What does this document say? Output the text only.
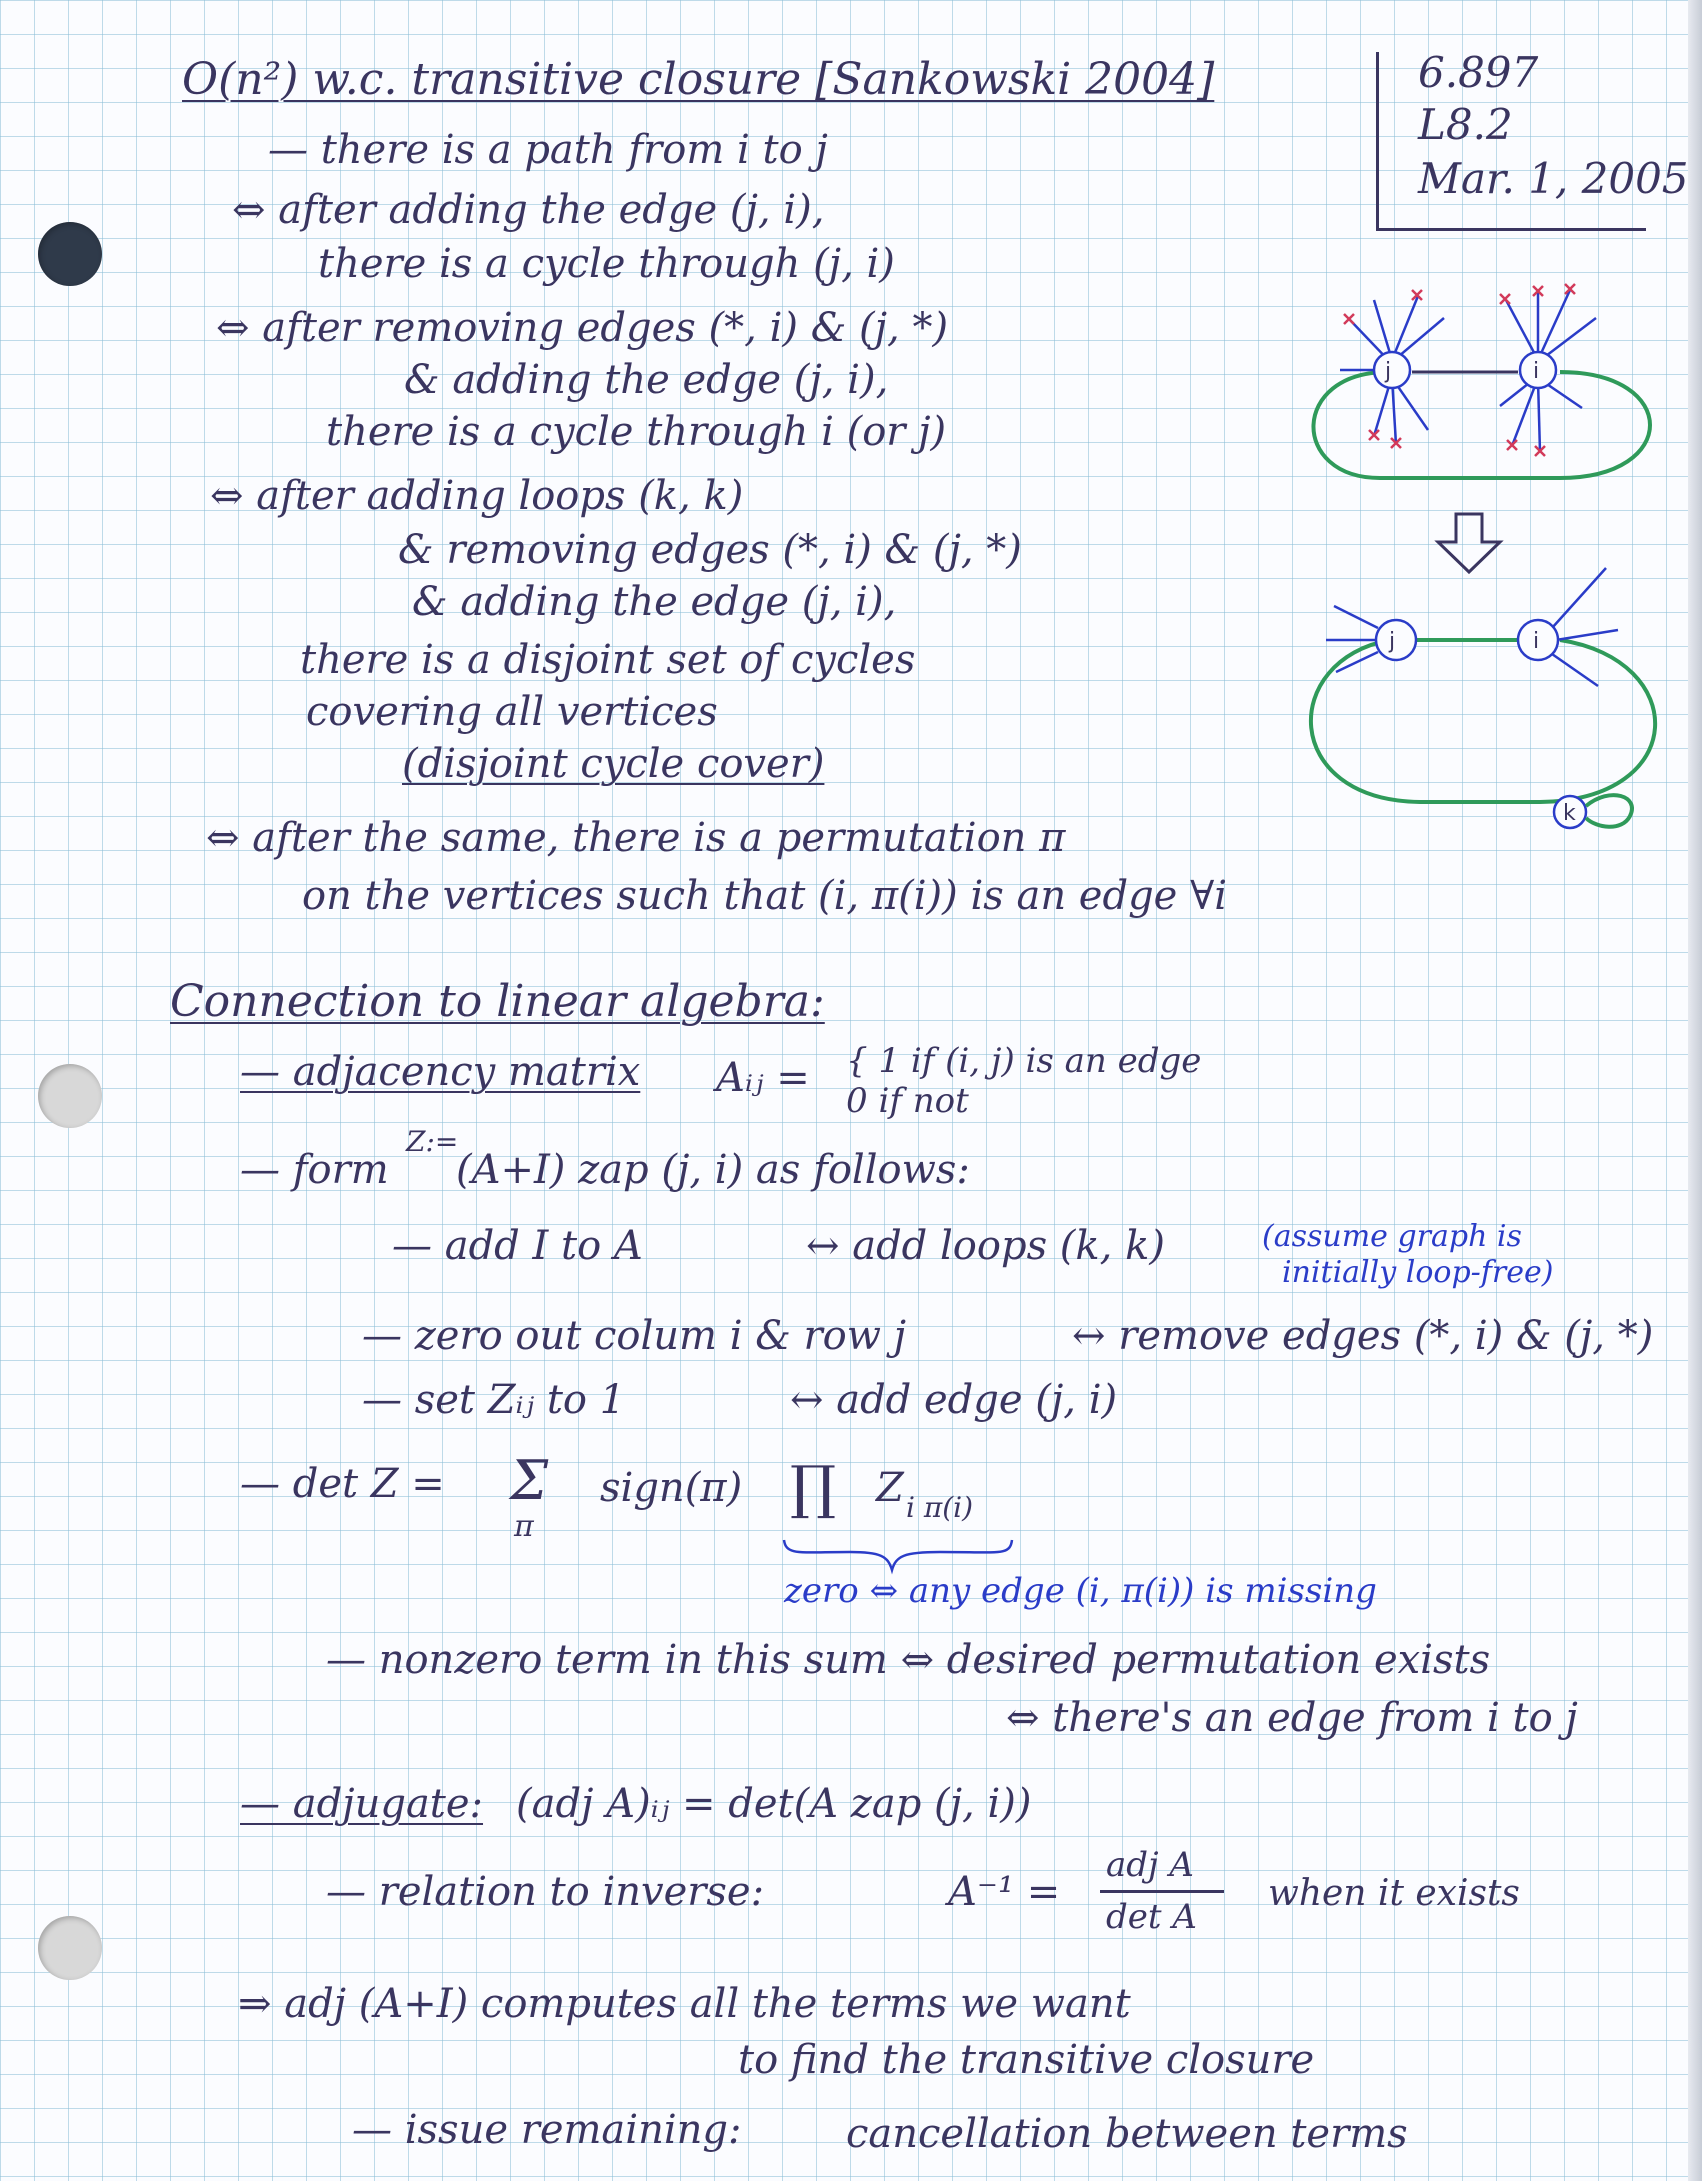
O(n²) w.c. transitive closure [Sankowski 2004]	6.897
L8.2
Mar. 1, 2005
— there is a path from i to j
⇔ after adding the edge (j, i),
there is a cycle through (j, i)
⇔ after removing edges (*, i) & (j, *)
& adding the edge (j, i),
there is a cycle through i (or j)
⇔ after adding loops (k, k)
& removing edges (*, i) & (j, *)
& adding the edge (j, i),
there is a disjoint set of cycles
covering all vertices
(disjoint cycle cover)
⇔ after the same, there is a permutation π
on the vertices such that (i, π(i)) is an edge ∀i
j	i
j	i
k
Connection to linear algebra:
— adjacency matrix Aᵢⱼ = { 1 if (i, j) is an edge
0 if not
— form
Z:=
(A+I) zap (j, i) as follows:
— add I to A	↔ add loops (k, k)	(assume graph is
initially loop-free)
— zero out colum i & row j	↔ remove edges (*, i) & (j, *)
— set Zᵢⱼ to 1	↔ add edge (j, i)
— det Z = Σ
π
sign(π) ∏ Z i π(i)
zero ⇔ any edge (i, π(i)) is missing
— nonzero term in this sum ⇔ desired permutation exists
⇔ there's an edge from i to j
— adjugate: (adj A)ᵢⱼ = det(A zap (j, i))
— relation to inverse:	A⁻¹ =
adj A
det A
when it exists
⇒ adj (A+I) computes all the terms we want
to find the transitive closure
— issue remaining:	cancellation between terms
